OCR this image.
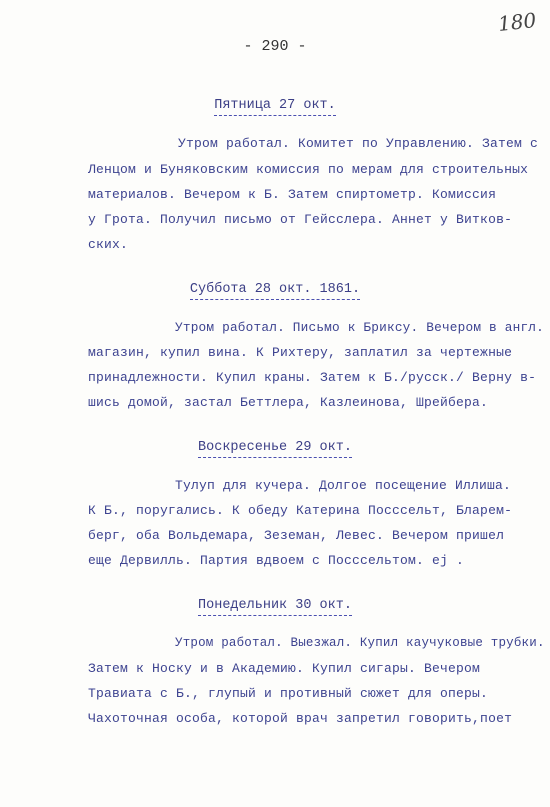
180
- 290 -
Пятница 27 окт.
Утром работал. Комитет по Управлению. Затем с
Ленцом и Буняковским комиссия по мерам для строительных
материалов. Вечером к Б. Затем спиртометр. Комиссия
у Грота. Получил письмо от Гейсслера. Аннет у Витков-
ских.
Суббота 28 окт. 1861.
Утром работал. Письмо к Бриксу. Вечером в англ.
магазин, купил вина. К Рихтеру, заплатил за чертежные
принадлежности. Купил краны. Затем к Б./русск./ Верну в-
шись домой, застал Беттлера, Казлеинова, Шрейбера.
Воскресенье 29 окт.
Тулуп для кучера. Долгое посещение Иллиша.
К Б., поругались. К обеду Катерина Посссельт, Бларем-
берг, оба Вольдемара, Зеземан, Левес. Вечером пришел
еще Дервилль. Партия вдвоем с Посссельтом. ej .
Понедельник 30 окт.
Утром работал. Выезжал. Купил каучуковые трубки.
Затем к Носку и в Академию. Купил сигары. Вечером
Травиата с Б., глупый и противный сюжет для оперы.
Чахоточная особа, которой врач запретил говорить,поет
